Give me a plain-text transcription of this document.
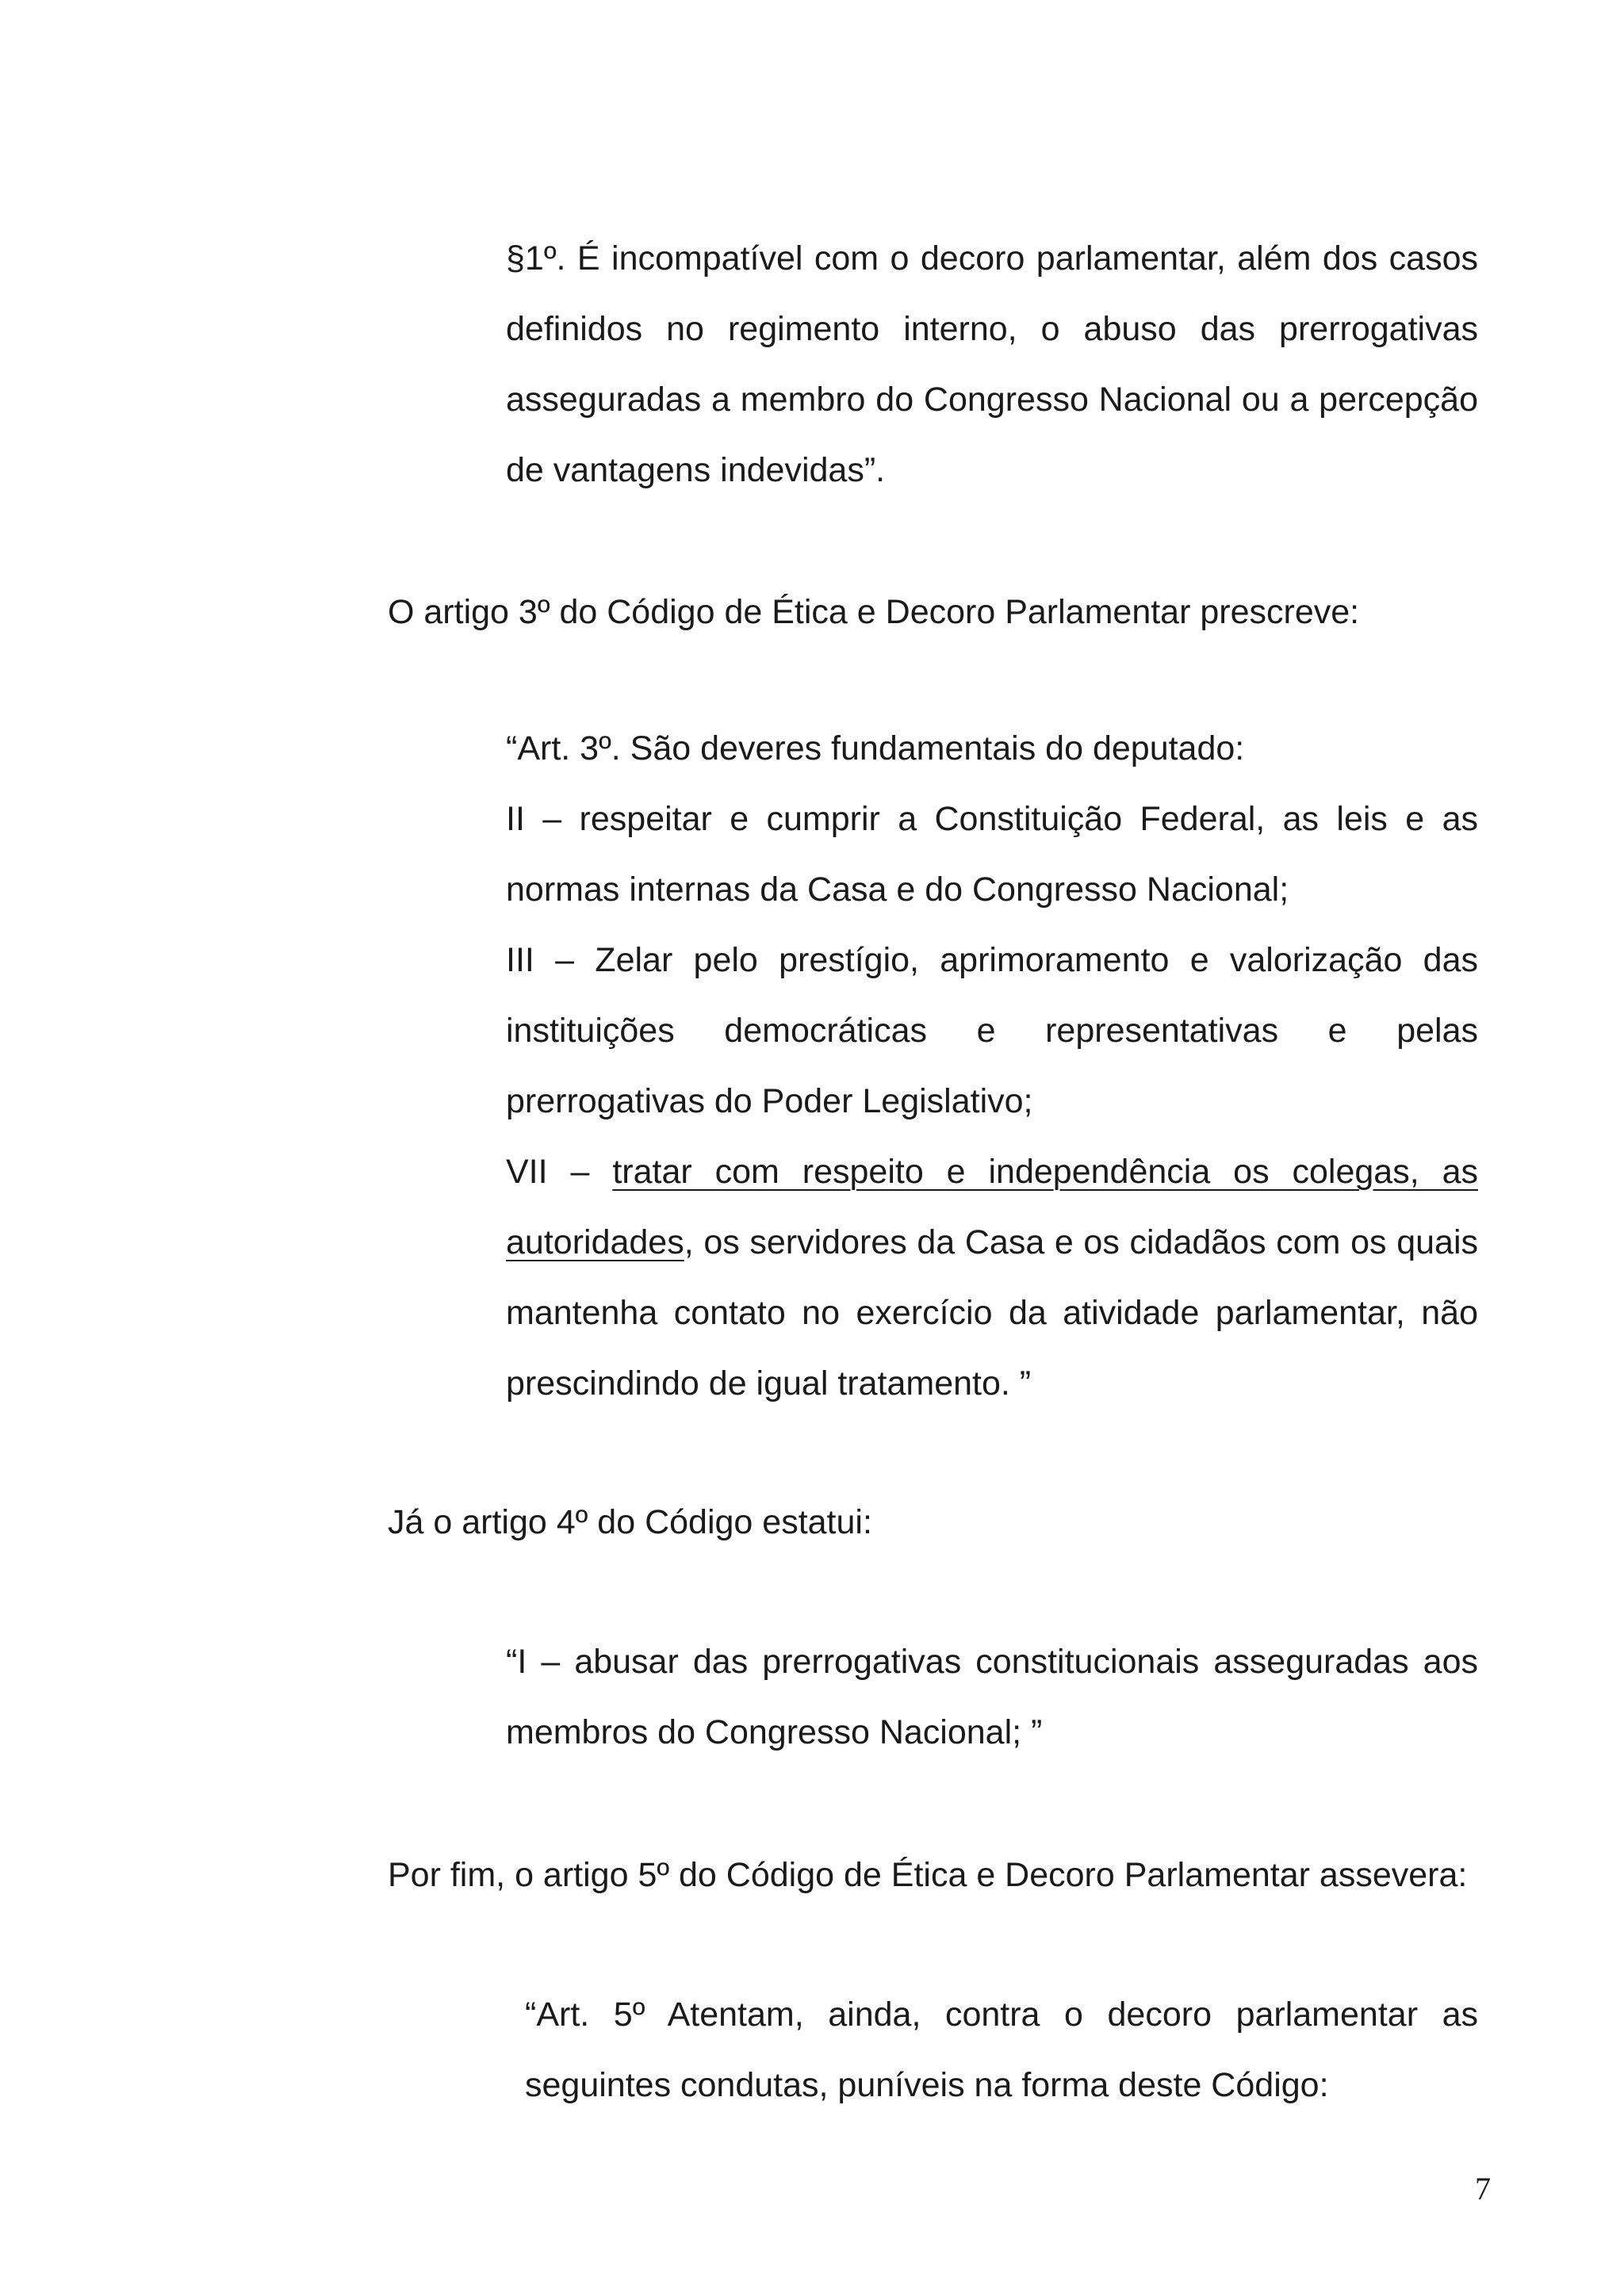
§1º. É incompatível com o decoro parlamentar, além dos casos definidos no regimento interno, o abuso das prerrogativas asseguradas a membro do Congresso Nacional ou a percepção de vantagens indevidas”.

O artigo 3º do Código de Ética e Decoro Parlamentar prescreve:

“Art. 3º. São deveres fundamentais do deputado:
II – respeitar e cumprir a Constituição Federal, as leis e as normas internas da Casa e do Congresso Nacional;
III – Zelar pelo prestígio, aprimoramento e valorização das instituições democráticas e representativas e pelas prerrogativas do Poder Legislativo;
VII – tratar com respeito e independência os colegas, as autoridades, os servidores da Casa e os cidadãos com os quais mantenha contato no exercício da atividade parlamentar, não prescindindo de igual tratamento. ”

Já o artigo 4º do Código estatui:

“I – abusar das prerrogativas constitucionais asseguradas aos membros do Congresso Nacional; ”

Por fim, o artigo 5º do Código de Ética e Decoro Parlamentar assevera:

“Art. 5º Atentam, ainda, contra o decoro parlamentar as seguintes condutas, puníveis na forma deste Código:

7
